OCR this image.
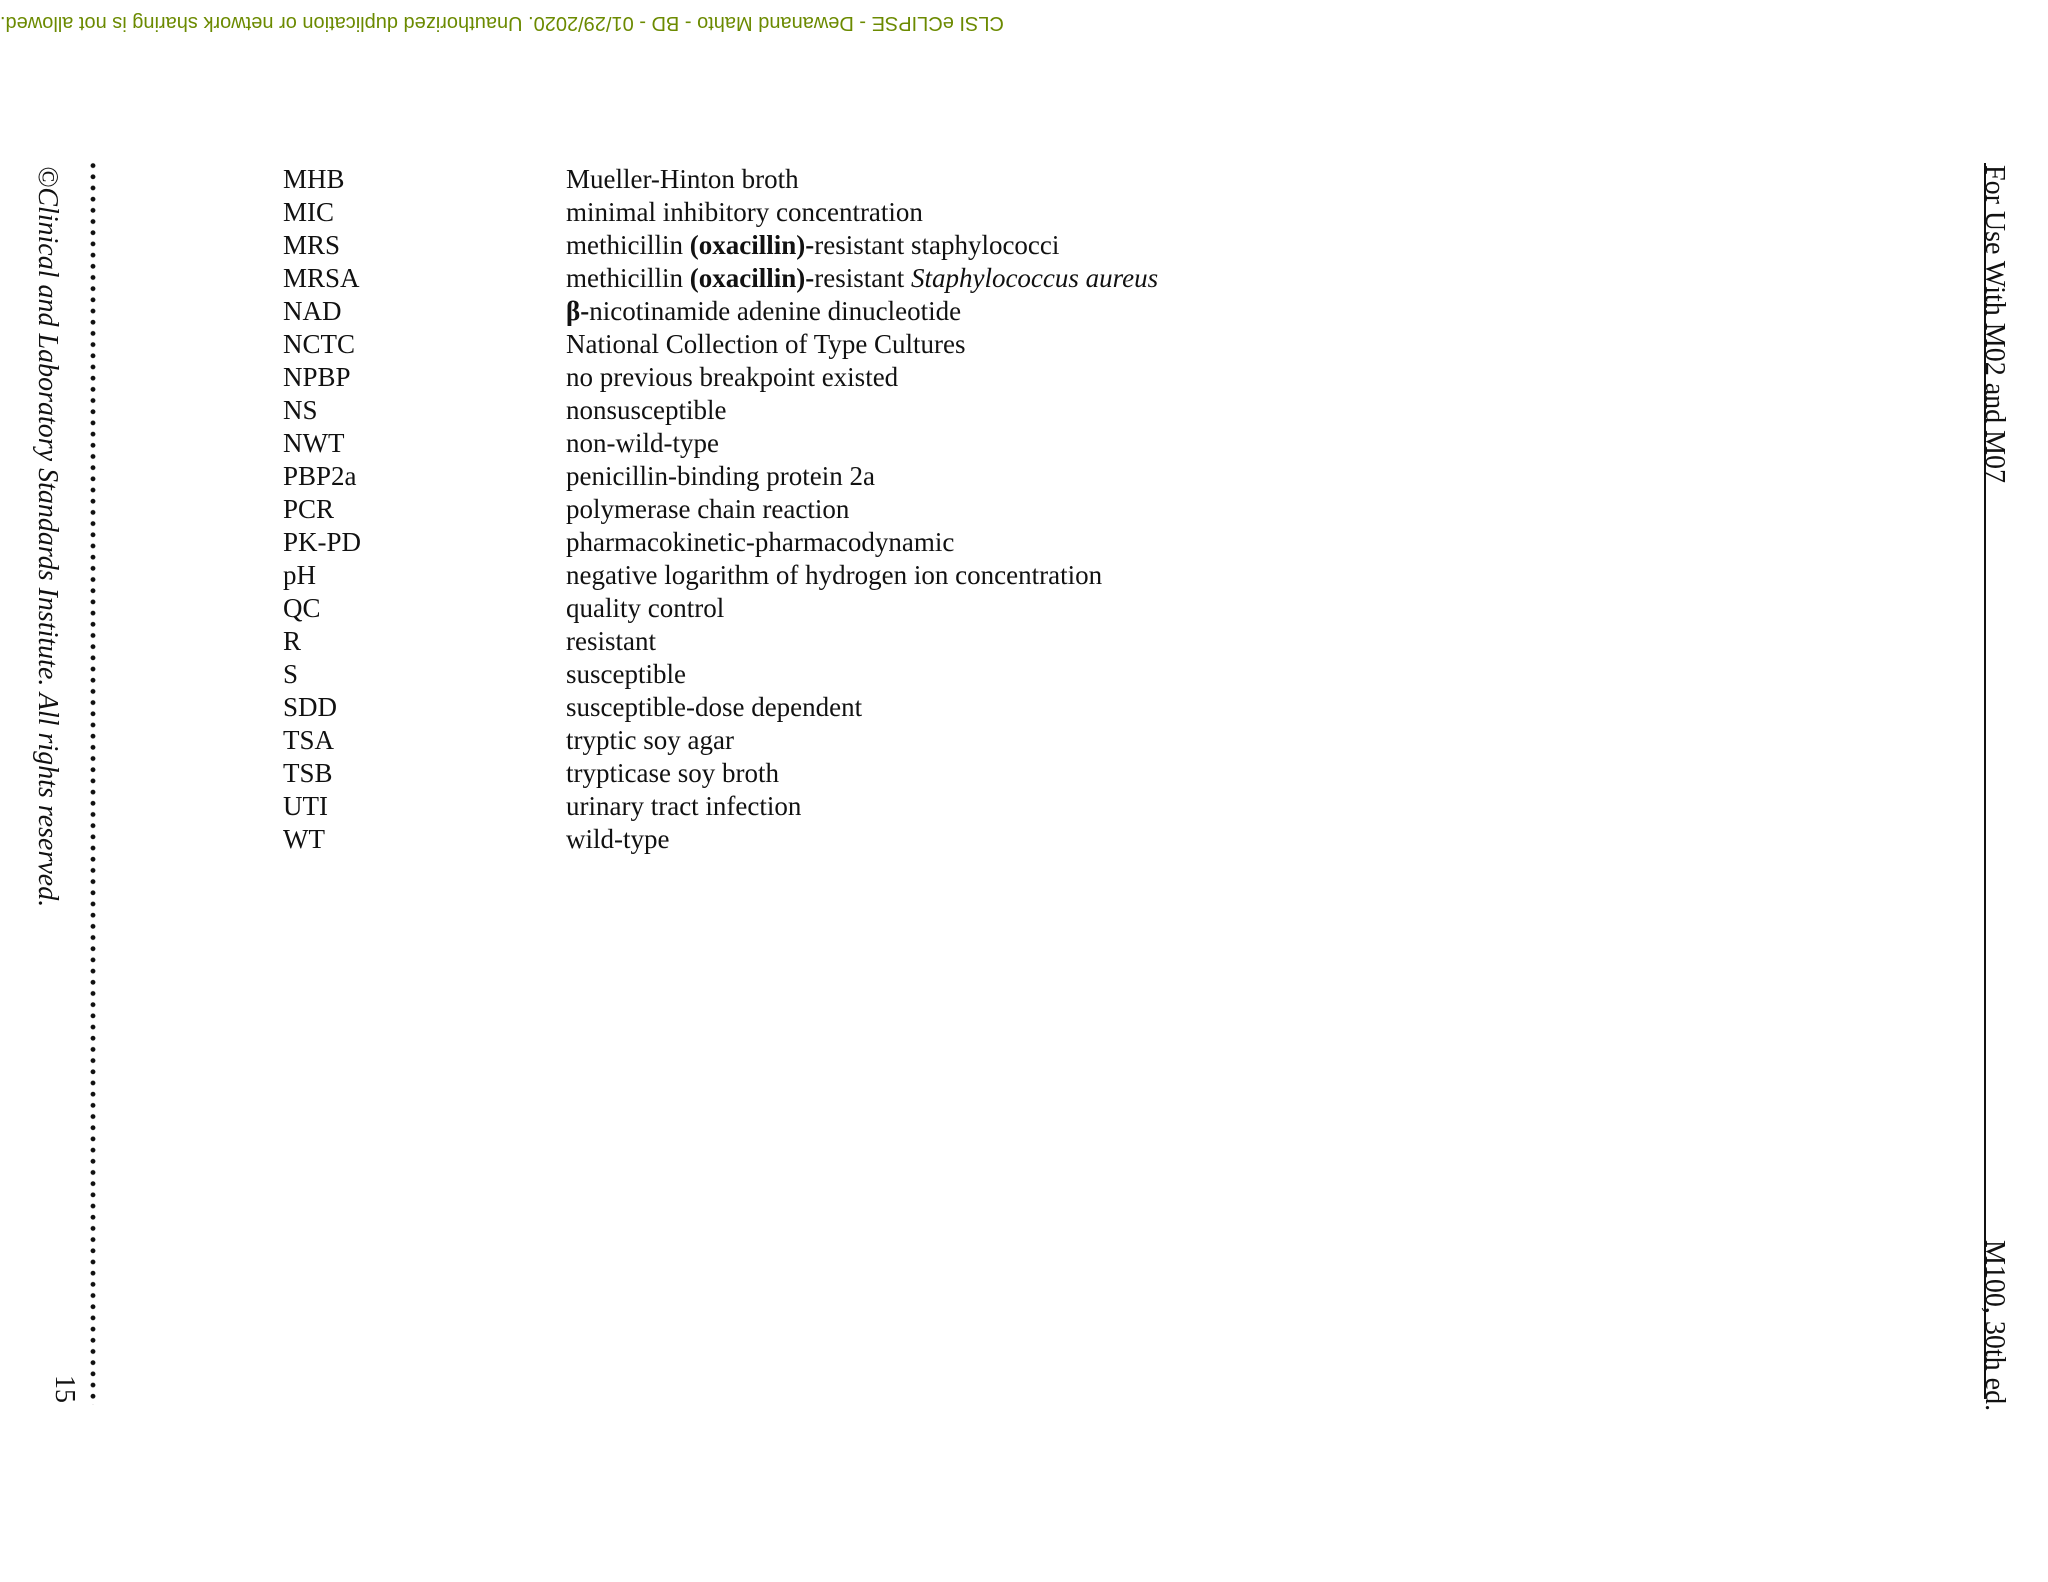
CLSI eCLIPSE - Dewanand Mahto - BD - 01/29/2020. Unauthorized duplication or network sharing is not allowed.
©Clinical and Laboratory Standards Institute. All rights reserved.
15
For Use With M02 and M07
M100, 30th ed.
MHB	Mueller-Hinton broth
MIC	minimal inhibitory concentration
MRS	methicillin (oxacillin)-resistant staphylococci
MRSA	methicillin (oxacillin)-resistant Staphylococcus aureus
NAD	β-nicotinamide adenine dinucleotide
NCTC	National Collection of Type Cultures
NPBP	no previous breakpoint existed
NS	nonsusceptible
NWT	non-wild-type
PBP2a	penicillin-binding protein 2a
PCR	polymerase chain reaction
PK-PD	pharmacokinetic-pharmacodynamic
pH	negative logarithm of hydrogen ion concentration
QC	quality control
R	resistant
S	susceptible
SDD	susceptible-dose dependent
TSA	tryptic soy agar
TSB	trypticase soy broth
UTI	urinary tract infection
WT	wild-type
